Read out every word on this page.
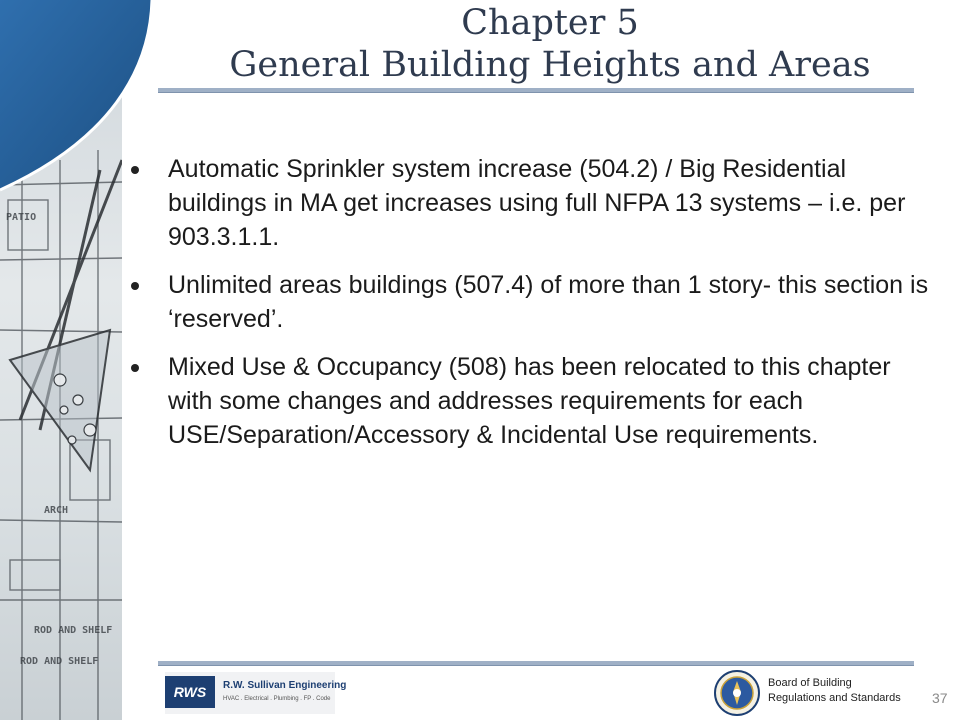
PATIO
ARCH
ROD AND SHELF
ROD AND SHELF
Chapter 5
General Building Heights and Areas
Automatic Sprinkler system increase (504.2) / Big Residential buildings in MA get increases using full NFPA 13 systems – i.e. per 903.3.1.1.
Unlimited areas buildings (507.4) of more than 1 story- this section is ‘reserved’.
Mixed Use & Occupancy (508) has been relocated to this chapter with some changes and addresses requirements for each USE/Separation/Accessory & Incidental Use requirements.
RWS	R.W. Sullivan Engineering
HVAC . Electrical . Plumbing . FP . Code
Board of Building
Regulations and Standards 37
